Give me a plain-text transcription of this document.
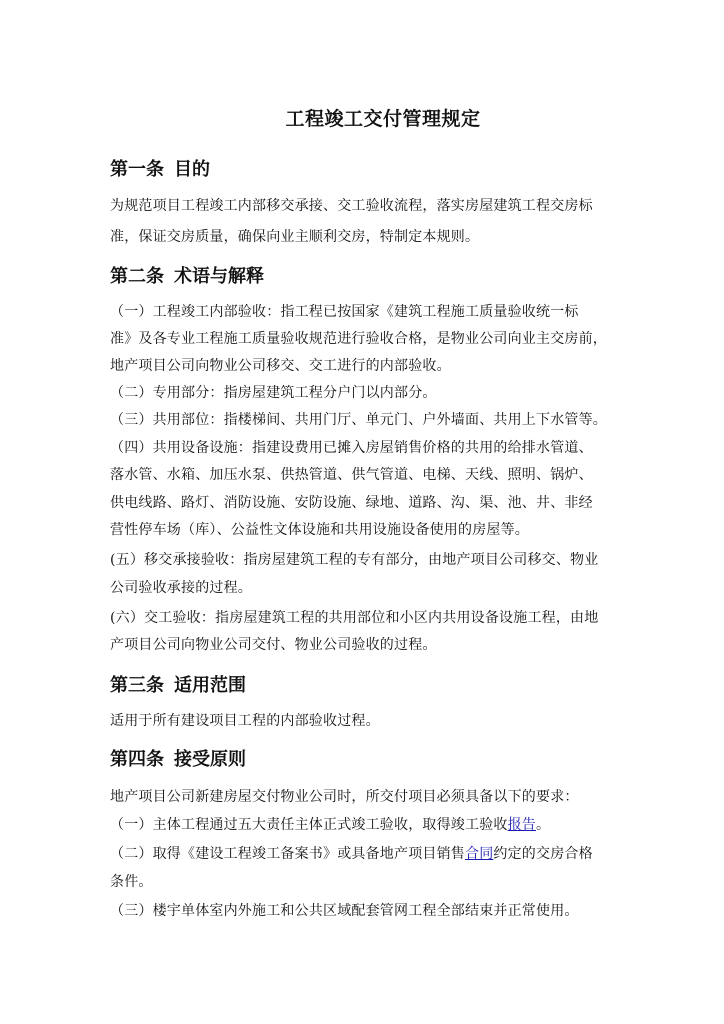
工程竣工交付管理规定
第一条 目的
为规范项目工程竣工内部移交承接、交工验收流程，落实房屋建筑工程交房标
准，保证交房质量，确保向业主顺利交房，特制定本规则。
第二条 术语与解释
（一）工程竣工内部验收：指工程已按国家《建筑工程施工质量验收统一标
准》及各专业工程施工质量验收规范进行验收合格，是物业公司向业主交房前，
地产项目公司向物业公司移交、交工进行的内部验收。
（二）专用部分：指房屋建筑工程分户门以内部分。
（三）共用部位：指楼梯间、共用门厅、单元门、户外墙面、共用上下水管等。
（四）共用设备设施：指建设费用已摊入房屋销售价格的共用的给排水管道、
落水管、水箱、加压水泵、供热管道、供气管道、电梯、天线、照明、锅炉、
供电线路、路灯、消防设施、安防设施、绿地、道路、沟、渠、池、井、非经
营性停车场（库）、公益性文体设施和共用设施设备使用的房屋等。
(五）移交承接验收：指房屋建筑工程的专有部分，由地产项目公司移交、物业
公司验收承接的过程。
(六）交工验收：指房屋建筑工程的共用部位和小区内共用设备设施工程，由地
产项目公司向物业公司交付、物业公司验收的过程。
第三条 适用范围
适用于所有建设项目工程的内部验收过程。
第四条 接受原则
地产项目公司新建房屋交付物业公司时，所交付项目必须具备以下的要求：
（一）主体工程通过五大责任主体正式竣工验收，取得竣工验收报告。
（二）取得《建设工程竣工备案书》或具备地产项目销售合同约定的交房合格
条件。
（三）楼宇单体室内外施工和公共区域配套管网工程全部结束并正常使用。
